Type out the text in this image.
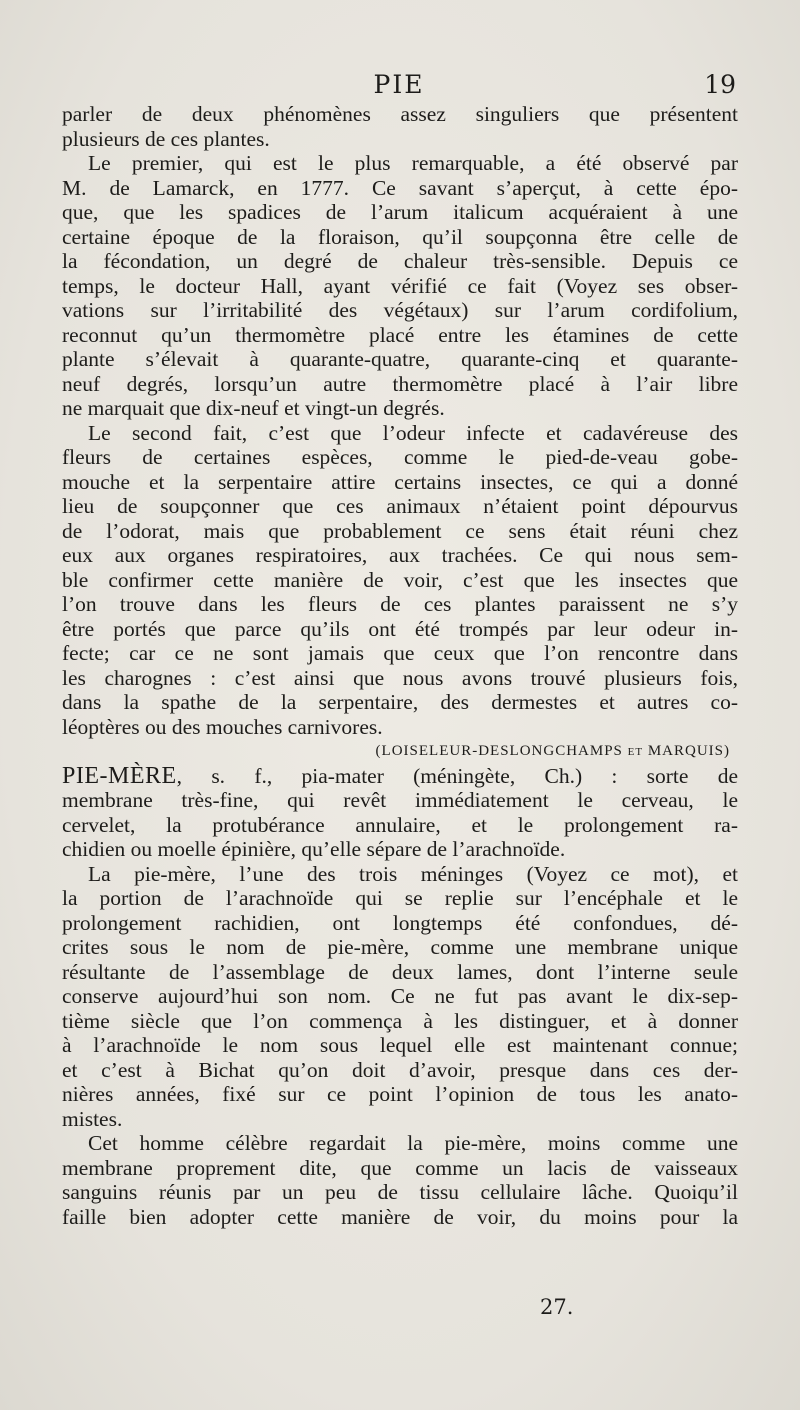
PIE	19
parler de deux phénomènes assez singuliers que présentent
plusieurs de ces plantes.
Le premier, qui est le plus remarquable, a été observé par
M. de Lamarck, en 1777. Ce savant s’aperçut, à cette épo-
que, que les spadices de l’arum italicum acquéraient à une
certaine époque de la floraison, qu’il soupçonna être celle de
la fécondation, un degré de chaleur très-sensible. Depuis ce
temps, le docteur Hall, ayant vérifié ce fait (Voyez ses obser-
vations sur l’irritabilité des végétaux) sur l’arum cordifolium,
reconnut qu’un thermomètre placé entre les étamines de cette
plante s’élevait à quarante-quatre, quarante-cinq et quarante-
neuf degrés, lorsqu’un autre thermomètre placé à l’air libre
ne marquait que dix-neuf et vingt-un degrés.
Le second fait, c’est que l’odeur infecte et cadavéreuse des
fleurs de certaines espèces, comme le pied-de-veau gobe-
mouche et la serpentaire attire certains insectes, ce qui a donné
lieu de soupçonner que ces animaux n’étaient point dépourvus
de l’odorat, mais que probablement ce sens était réuni chez
eux aux organes respiratoires, aux trachées. Ce qui nous sem-
ble confirmer cette manière de voir, c’est que les insectes que
l’on trouve dans les fleurs de ces plantes paraissent ne s’y
être portés que parce qu’ils ont été trompés par leur odeur in-
fecte; car ce ne sont jamais que ceux que l’on rencontre dans
les charognes : c’est ainsi que nous avons trouvé plusieurs fois,
dans la spathe de la serpentaire, des dermestes et autres co-
léoptères ou des mouches carnivores.
(LOISELEUR-DESLONGCHAMPS et MARQUIS)
PIE-MÈRE, s. f., pia-mater (méningète, Ch.) : sorte de
membrane très-fine, qui revêt immédiatement le cerveau, le
cervelet, la protubérance annulaire, et le prolongement ra-
chidien ou moelle épinière, qu’elle sépare de l’arachnoïde.
La pie-mère, l’une des trois méninges (Voyez ce mot), et
la portion de l’arachnoïde qui se replie sur l’encéphale et le
prolongement rachidien, ont longtemps été confondues, dé-
crites sous le nom de pie-mère, comme une membrane unique
résultante de l’assemblage de deux lames, dont l’interne seule
conserve aujourd’hui son nom. Ce ne fut pas avant le dix-sep-
tième siècle que l’on commença à les distinguer, et à donner
à l’arachnoïde le nom sous lequel elle est maintenant connue;
et c’est à Bichat qu’on doit d’avoir, presque dans ces der-
nières années, fixé sur ce point l’opinion de tous les anato-
mistes.
Cet homme célèbre regardait la pie-mère, moins comme une
membrane proprement dite, que comme un lacis de vaisseaux
sanguins réunis par un peu de tissu cellulaire lâche. Quoiqu’il
faille bien adopter cette manière de voir, du moins pour la
27.
